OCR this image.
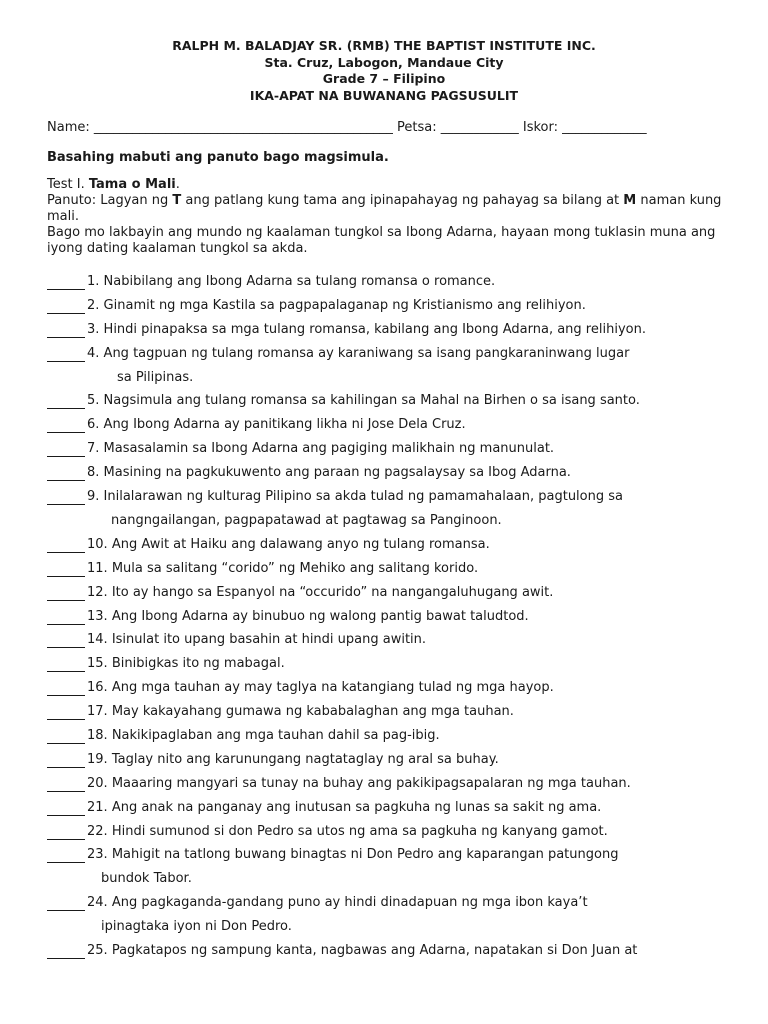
RALPH M. BALADJAY SR. (RMB) THE BAPTIST INSTITUTE INC.
Sta. Cruz, Labogon, Mandaue City
Grade 7 – Filipino
IKA-APAT NA BUWANANG PAGSUSULIT
Name: ______________________________________________ Petsa: ____________ Iskor: _____________

Basahing mabuti ang panuto bago magsimula.

Test I. Tama o Mali.

Panuto: Lagyan ng T ang patlang kung tama ang ipinapahayag ng pahayag sa bilang at M naman kung mali.

Bago mo lakbayin ang mundo ng kaalaman tungkol sa Ibong Adarna, hayaan mong tuklasin muna ang iyong dating kaalaman tungkol sa akda.

1. Nabibilang ang Ibong Adarna sa tulang romansa o romance.
2. Ginamit ng mga Kastila sa pagpapalaganap ng Kristianismo ang relihiyon.
3. Hindi pinapaksa sa mga tulang romansa, kabilang ang Ibong Adarna, ang relihiyon.
4. Ang tagpuan ng tulang romansa ay karaniwang sa isang pangkaraninwang lugar
sa Pilipinas.
5. Nagsimula ang tulang romansa sa kahilingan sa Mahal na Birhen o sa isang santo.
6. Ang Ibong Adarna ay panitikang likha ni Jose Dela Cruz.
7. Masasalamin sa Ibong Adarna ang pagiging malikhain ng manunulat.
8. Masining na pagkukuwento ang paraan ng pagsalaysay sa Ibog Adarna.
9. Inilalarawan ng kulturag Pilipino sa akda tulad ng pamamahalaan, pagtulong sa
nangngailangan, pagpapatawad at pagtawag sa Panginoon.
10. Ang Awit at Haiku ang dalawang anyo ng tulang romansa.
11. Mula sa salitang “corido” ng Mehiko ang salitang korido.
12. Ito ay hango sa Espanyol na “occurido” na nangangaluhugang awit.
13. Ang Ibong Adarna ay binubuo ng walong pantig bawat taludtod.
14. Isinulat ito upang basahin at hindi upang awitin.
15. Binibigkas ito ng mabagal.
16. Ang mga tauhan ay may taglya na katangiang tulad ng mga hayop.
17. May kakayahang gumawa ng kababalaghan ang mga tauhan.
18. Nakikipaglaban ang mga tauhan dahil sa pag-ibig.
19. Taglay nito ang karunungang nagtataglay ng aral sa buhay.
20. Maaaring mangyari sa tunay na buhay ang pakikipagsapalaran ng mga tauhan.
21. Ang anak na panganay ang inutusan sa pagkuha ng lunas sa sakit ng ama.
22. Hindi sumunod si don Pedro sa utos ng ama sa pagkuha ng kanyang gamot.
23. Mahigit na tatlong buwang binagtas ni Don Pedro ang kaparangan patungong
bundok Tabor.
24. Ang pagkaganda-gandang puno ay hindi dinadapuan ng mga ibon kaya’t
ipinagtaka iyon ni Don Pedro.
25. Pagkatapos ng sampung kanta, nagbawas ang Adarna, napatakan si Don Juan at
